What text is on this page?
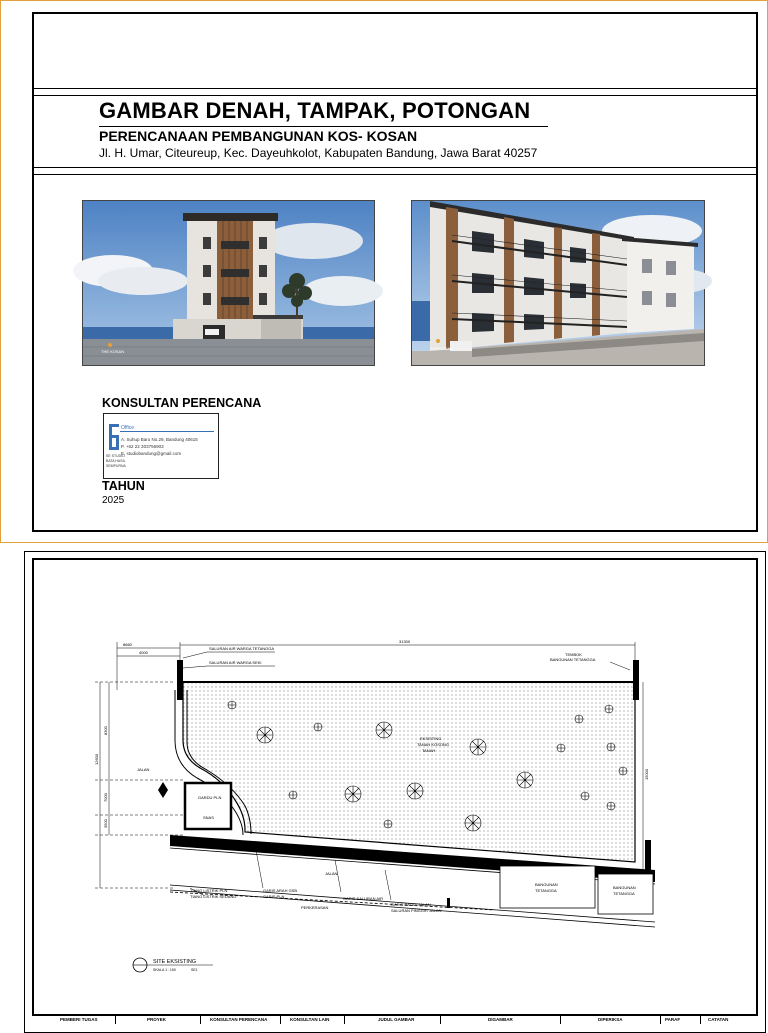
GAMBAR DENAH, TAMPAK, POTONGAN
PERENCANAAN PEMBANGUNAN KOS- KOSAN
Jl. H. Umar, Citeureup, Kec. Dayeuhkolot, Kabupaten Bandung, Jawa Barat 40257
THE KOSAN
THE KOSAN
KONSULTAN PERENCANA
SE STUDIO
BATA HASIL
SEMPURNA
Office
A. Suhup Baru No.29, Bandung 40615
P. +62 22 303756903
E. studiobandung@gmail.com
TAHUN
2025
8660
4000
31300
12600
8300
7000
3500
15000
SALURAN AIR WARGA TETANGGA
SALURAN AIR WARGA SEKI
TEMBOK
BANGUNAN TETANGGA
JALAN
GARDU PLN
SNAS
EKSISTING
TANAH KOSONG
TANAH
JALAN
PERKERASAN
BANGUNAN
TETANGGA
BANGUNAN
TETANGGA
TIANG LISTRIK PLN
TIANG LISTRIK SEDANG
GARIS ARAH GSB
GARIS PLN	GARIS SALURAN AIR
GARIS BATAS JALAN
SALURAN PINGGIR JALAN
SITE EKSISTING
SKALA 1 : 150	SE1
PEMBERI TUGAS	PROYEK	KONSULTAN PERENCANA	KONSULTAN LAIN	JUDUL GAMBAR	DIGAMBAR	DIPERIKSA	PARAF	CATATAN
